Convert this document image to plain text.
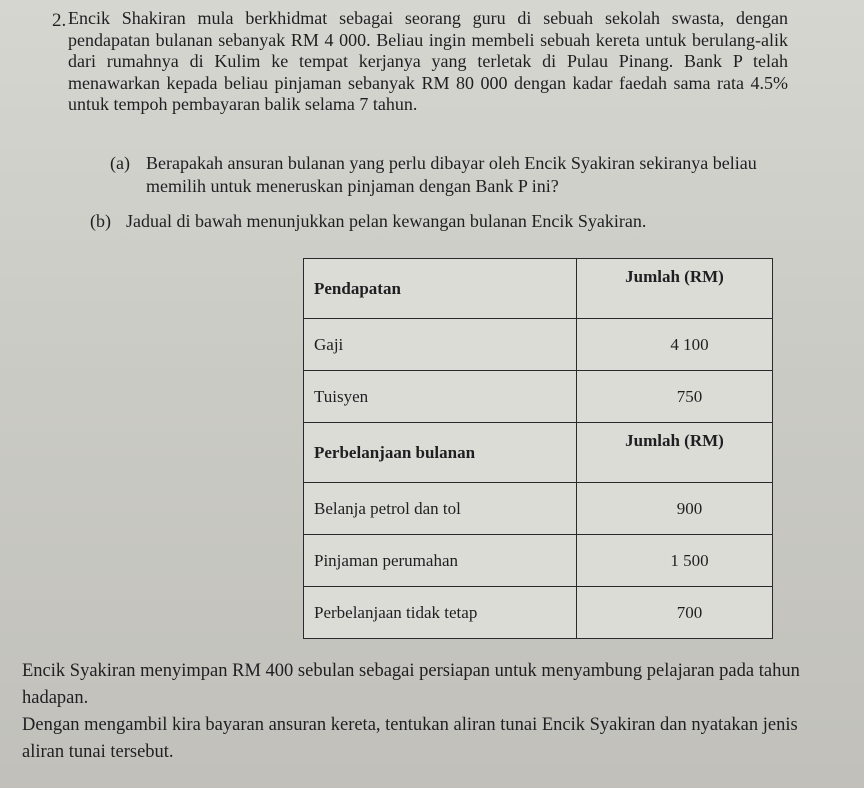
2. Encik Shakiran mula berkhidmat sebagai seorang guru di sebuah sekolah swasta, dengan pendapatan bulanan sebanyak RM 4 000. Beliau ingin membeli sebuah kereta untuk berulang-alik dari rumahnya di Kulim ke tempat kerjanya yang terletak di Pulau Pinang. Bank P telah menawarkan kepada beliau pinjaman sebanyak RM 80 000 dengan kadar faedah sama rata 4.5% untuk tempoh pembayaran balik selama 7 tahun.
(a) Berapakah ansuran bulanan yang perlu dibayar oleh Encik Syakiran sekiranya beliau memilih untuk meneruskan pinjaman dengan Bank P ini?
(b) Jadual di bawah menunjukkan pelan kewangan bulanan Encik Syakiran.
Pendapatan	Jumlah (RM)
Gaji	4 100
Tuisyen	750
Perbelanjaan bulanan	Jumlah (RM)
Belanja petrol dan tol	900
Pinjaman perumahan	1 500
Perbelanjaan tidak tetap	700

Encik Syakiran menyimpan RM 400 sebulan sebagai persiapan untuk menyambung pelajaran pada tahun hadapan.

Dengan mengambil kira bayaran ansuran kereta, tentukan aliran tunai Encik Syakiran dan nyatakan jenis aliran tunai tersebut.
